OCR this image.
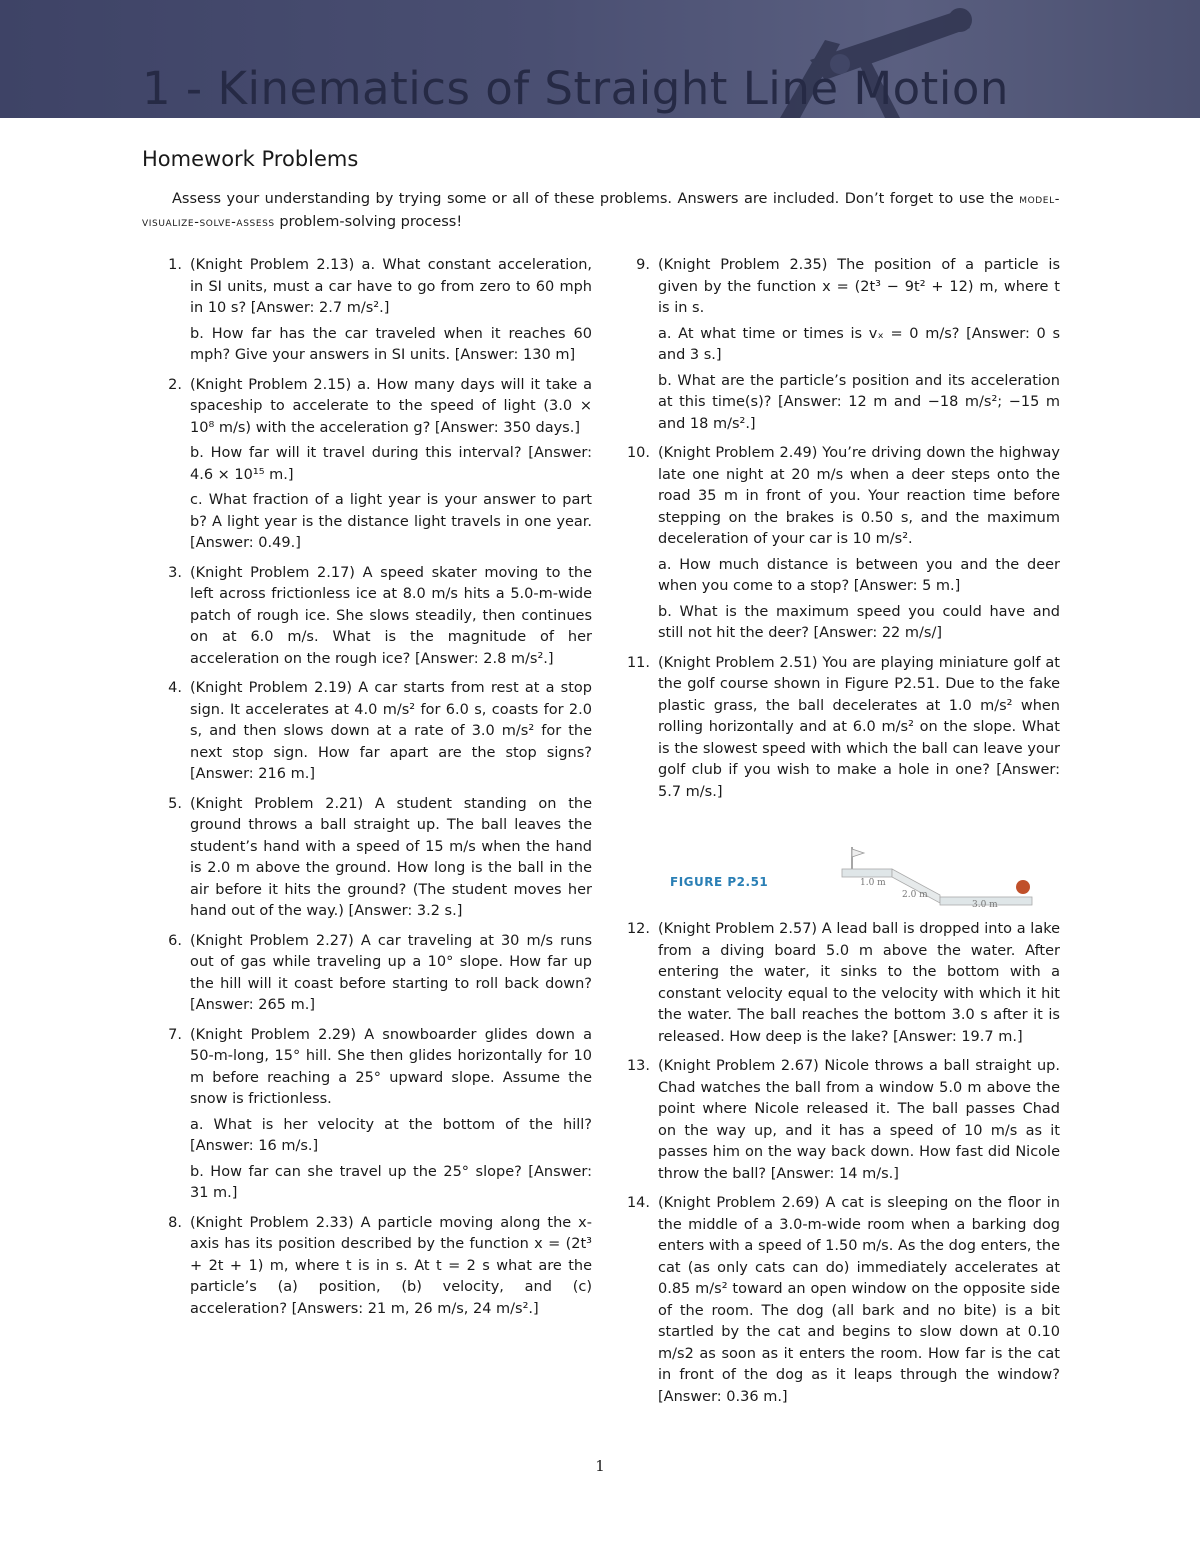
1 - Kinematics of Straight Line Motion
Homework Problems
Assess your understanding by trying some or all of these problems. Answers are included. Don’t forget to use the model-visualize-solve-assess problem-solving process!
1. (Knight Problem 2.13) a. What constant acceleration, in SI units, must a car have to go from zero to 60 mph in 10 s? [Answer: 2.7 m/s².]

b. How far has the car traveled when it reaches 60 mph? Give your answers in SI units. [Answer: 130 m]

2. (Knight Problem 2.15) a. How many days will it take a spaceship to accelerate to the speed of light (3.0 × 10⁸ m/s) with the acceleration g? [Answer: 350 days.]

b. How far will it travel during this interval? [Answer: 4.6 × 10¹⁵ m.]

c. What fraction of a light year is your answer to part b? A light year is the distance light travels in one year. [Answer: 0.49.]

3. (Knight Problem 2.17) A speed skater moving to the left across frictionless ice at 8.0 m/s hits a 5.0-m-wide patch of rough ice. She slows steadily, then continues on at 6.0 m/s. What is the magnitude of her acceleration on the rough ice? [Answer: 2.8 m/s².]

4. (Knight Problem 2.19) A car starts from rest at a stop sign. It accelerates at 4.0 m/s² for 6.0 s, coasts for 2.0 s, and then slows down at a rate of 3.0 m/s² for the next stop sign. How far apart are the stop signs? [Answer: 216 m.]

5. (Knight Problem 2.21) A student standing on the ground throws a ball straight up. The ball leaves the student’s hand with a speed of 15 m/s when the hand is 2.0 m above the ground. How long is the ball in the air before it hits the ground? (The student moves her hand out of the way.) [Answer: 3.2 s.]

6. (Knight Problem 2.27) A car traveling at 30 m/s runs out of gas while traveling up a 10° slope. How far up the hill will it coast before starting to roll back down? [Answer: 265 m.]

7. (Knight Problem 2.29) A snowboarder glides down a 50-m-long, 15° hill. She then glides horizontally for 10 m before reaching a 25° upward slope. Assume the snow is frictionless.

a. What is her velocity at the bottom of the hill? [Answer: 16 m/s.]

b. How far can she travel up the 25° slope? [Answer: 31 m.]

8. (Knight Problem 2.33) A particle moving along the x-axis has its position described by the function x = (2t³ + 2t + 1) m, where t is in s. At t = 2 s what are the particle’s (a) position, (b) velocity, and (c) acceleration? [Answers: 21 m, 26 m/s, 24 m/s².]

9. (Knight Problem 2.35) The position of a particle is given by the function x = (2t³ − 9t² + 12) m, where t is in s.

a. At what time or times is vₓ = 0 m/s? [Answer: 0 s and 3 s.]

b. What are the particle’s position and its acceleration at this time(s)? [Answer: 12 m and −18 m/s²; −15 m and 18 m/s².]

10. (Knight Problem 2.49) You’re driving down the highway late one night at 20 m/s when a deer steps onto the road 35 m in front of you. Your reaction time before stepping on the brakes is 0.50 s, and the maximum deceleration of your car is 10 m/s².

a. How much distance is between you and the deer when you come to a stop? [Answer: 5 m.]

b. What is the maximum speed you could have and still not hit the deer? [Answer: 22 m/s/]

11. (Knight Problem 2.51) You are playing miniature golf at the golf course shown in Figure P2.51. Due to the fake plastic grass, the ball decelerates at 1.0 m/s² when rolling horizontally and at 6.0 m/s² on the slope. What is the slowest speed with which the ball can leave your golf club if you wish to make a hole in one? [Answer: 5.7 m/s.]

1.0 m
2.0 m
3.0 m
FIGURE P2.51
12. (Knight Problem 2.57) A lead ball is dropped into a lake from a diving board 5.0 m above the water. After entering the water, it sinks to the bottom with a constant velocity equal to the velocity with which it hit the water. The ball reaches the bottom 3.0 s after it is released. How deep is the lake? [Answer: 19.7 m.]

13. (Knight Problem 2.67) Nicole throws a ball straight up. Chad watches the ball from a window 5.0 m above the point where Nicole released it. The ball passes Chad on the way up, and it has a speed of 10 m/s as it passes him on the way back down. How fast did Nicole throw the ball? [Answer: 14 m/s.]

14. (Knight Problem 2.69) A cat is sleeping on the floor in the middle of a 3.0-m-wide room when a barking dog enters with a speed of 1.50 m/s. As the dog enters, the cat (as only cats can do) immediately accelerates at 0.85 m/s² toward an open window on the opposite side of the room. The dog (all bark and no bite) is a bit startled by the cat and begins to slow down at 0.10 m/s2 as soon as it enters the room. How far is the cat in front of the dog as it leaps through the window? [Answer: 0.36 m.]

1
